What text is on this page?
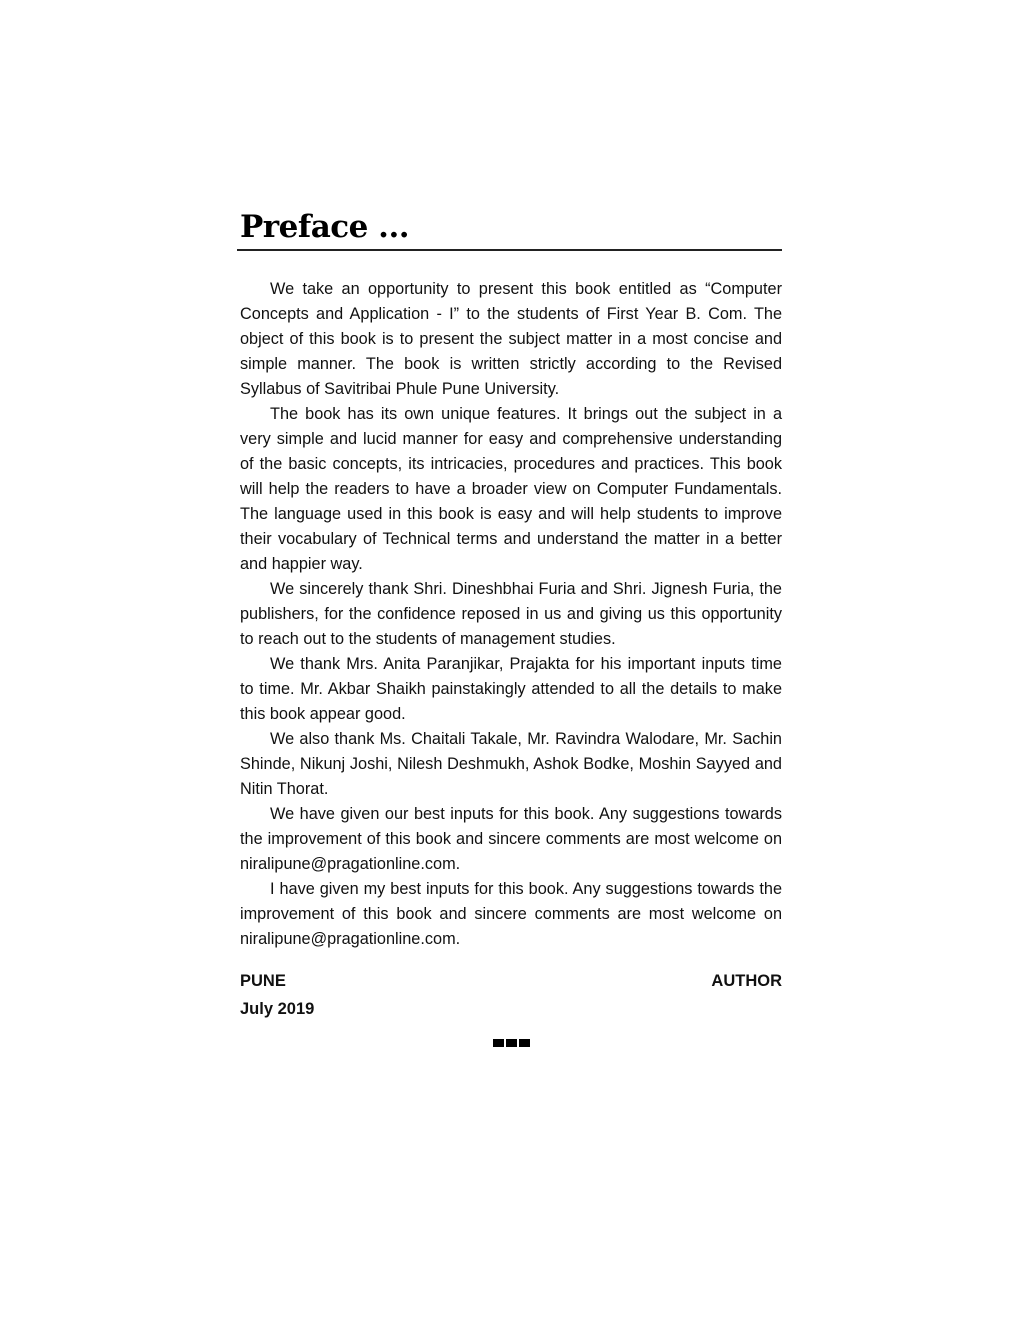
Preface ...

We take an opportunity to present this book entitled as “Computer Concepts and Application - I” to the students of First Year B. Com. The object of this book is to present the subject matter in a most concise and simple manner. The book is written strictly according to the Revised Syllabus of Savitribai Phule Pune University.

The book has its own unique features. It brings out the subject in a very simple and lucid manner for easy and comprehensive understanding of the basic concepts, its intricacies, procedures and practices. This book will help the readers to have a broader view on Computer Fundamentals. The language used in this book is easy and will help students to improve their vocabulary of Technical terms and understand the matter in a better and happier way.

We sincerely thank Shri. Dineshbhai Furia and Shri. Jignesh Furia, the publishers, for the confidence reposed in us and giving us this opportunity to reach out to the students of management studies.

We thank Mrs. Anita Paranjikar, Prajakta for his important inputs time to time. Mr. Akbar Shaikh painstakingly attended to all the details to make this book appear good.

We also thank Ms. Chaitali Takale, Mr. Ravindra Walodare, Mr. Sachin Shinde, Nikunj Joshi, Nilesh Deshmukh, Ashok Bodke, Moshin Sayyed and Nitin Thorat.

We have given our best inputs for this book. Any suggestions towards the improvement of this book and sincere comments are most welcome on niralipune@pragationline.com.

I have given my best inputs for this book. Any suggestions towards the improvement of this book and sincere comments are most welcome on niralipune@pragationline.com.

PUNE	AUTHOR
July 2019
